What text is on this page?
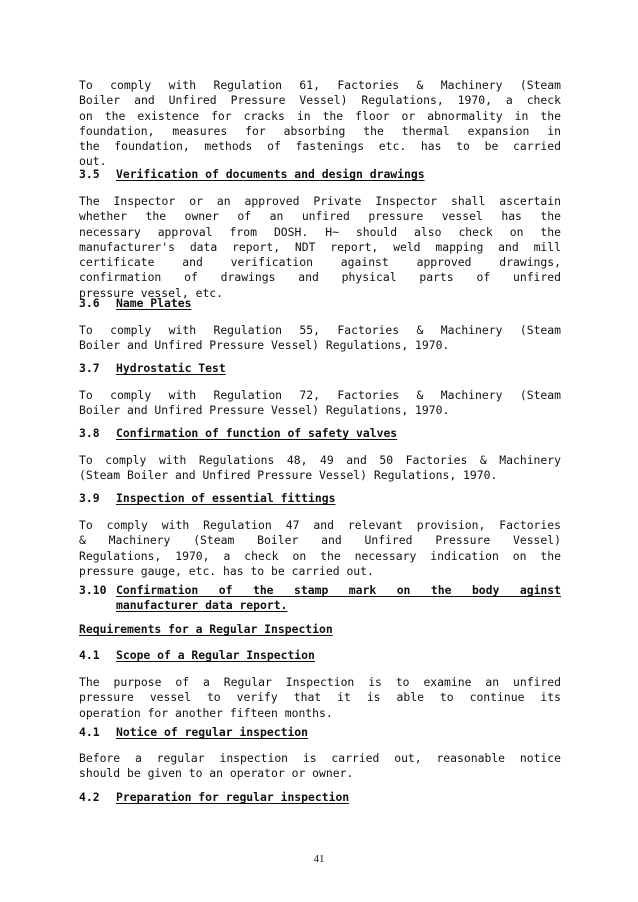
To comply with Regulation 61, Factories & Machinery (Steam
Boiler and Unfired Pressure Vessel) Regulations, 1970, a check
on the existence for cracks in the floor or abnormality in the
foundation, measures for absorbing the thermal expansion in
the foundation, methods of fastenings etc. has to be carried
out.
3.5 Verification of documents and design drawings
The Inspector or an approved Private Inspector shall ascertain
whether the owner of an unfired pressure vessel has the
necessary approval from DOSH. H~ should also check on the
manufacturer's data report, NDT report, weld mapping and mill
certificate and verification against approved drawings,
confirmation of drawings and physical parts of unfired
pressure vessel, etc.
3.6 Name Plates
To comply with Regulation 55, Factories & Machinery (Steam
Boiler and Unfired Pressure Vessel) Regulations, 1970.
3.7 Hydrostatic Test
To comply with Regulation 72, Factories & Machinery (Steam
Boiler and Unfired Pressure Vessel) Regulations, 1970.
3.8 Confirmation of function of safety valves
To comply with Regulations 48, 49 and 50 Factories & Machinery
(Steam Boiler and Unfired Pressure Vessel) Regulations, 1970.
3.9 Inspection of essential fittings
To comply with Regulation 47 and relevant provision, Factories
& Machinery (Steam Boiler and Unfired Pressure Vessel)
Regulations, 1970, a check on the necessary indication on the
pressure gauge, etc. has to be carried out.
3.10 Confirmation of the stamp mark on the body aginst
manufacturer data report.
Requirements for a Regular Inspection
4.1 Scope of a Regular Inspection
The purpose of a Regular Inspection is to examine an unfired
pressure vessel to verify that it is able to continue its
operation for another fifteen months.
4.1 Notice of regular inspection
Before a regular inspection is carried out, reasonable notice
should be given to an operator or owner.
4.2 Preparation for regular inspection
41
